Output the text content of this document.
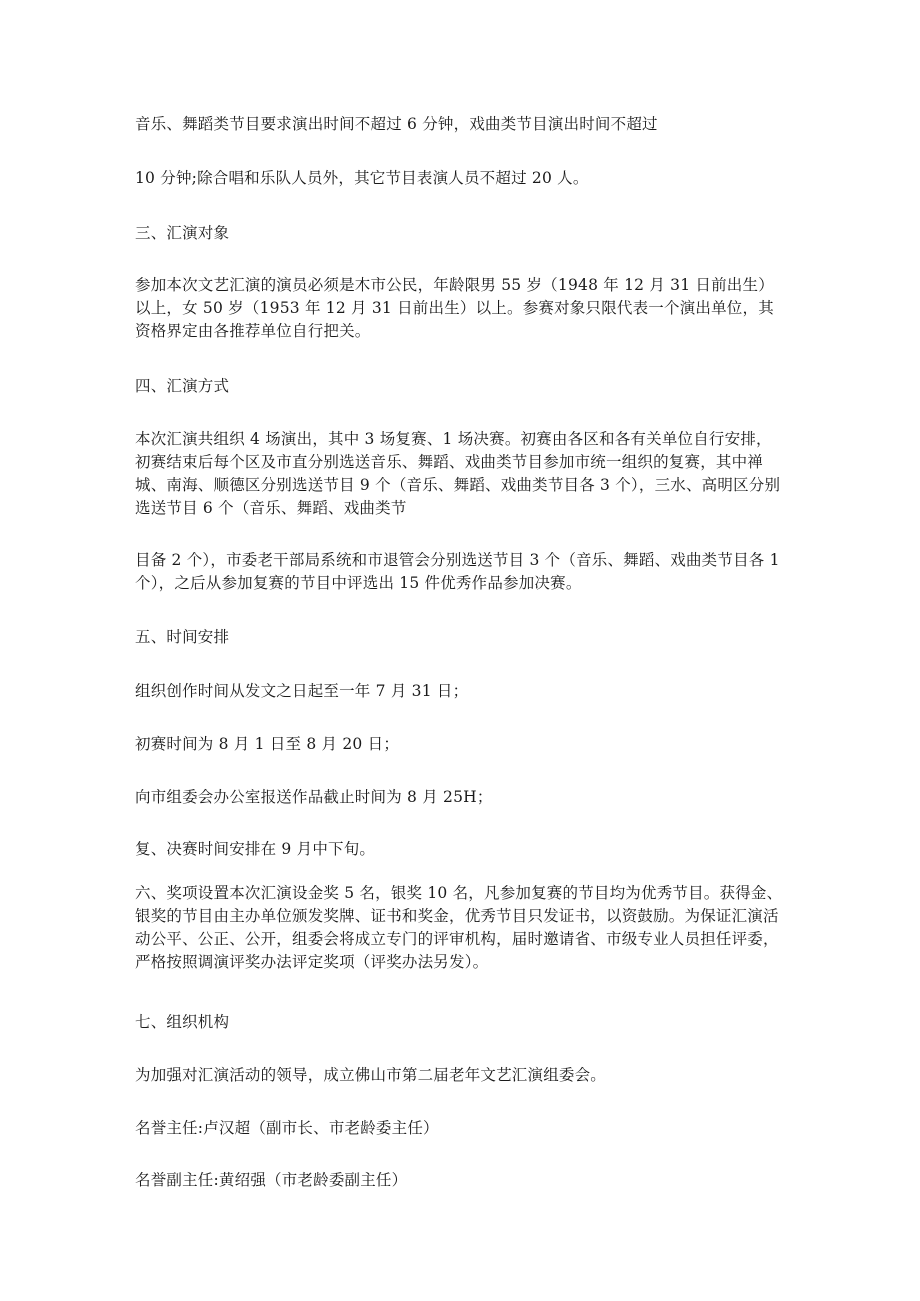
音乐、舞蹈类节目要求演出时间不超过 6 分钟，戏曲类节目演出时间不超过

10 分钟;除合唱和乐队人员外，其它节目表演人员不超过 20 人。

三、汇演对象

参加本次文艺汇演的演员必须是木市公民，年龄限男 55 岁（1948 年 12 月 31 日前出生）以上，女 50 岁（1953 年 12 月 31 日前出生）以上。参赛对象只限代表一个演出单位，其资格界定由各推荐单位自行把关。

四、汇演方式

本次汇演共组织 4 场演出，其中 3 场复赛、1 场决赛。初赛由各区和各有关单位自行安排，初赛结束后每个区及市直分别选送音乐、舞蹈、戏曲类节目参加市统一组织的复赛，其中禅城、南海、顺德区分别选送节目 9 个（音乐、舞蹈、戏曲类节目各 3 个），三水、高明区分别选送节目 6 个（音乐、舞蹈、戏曲类节

目备 2 个），市委老干部局系统和市退管会分别选送节目 3 个（音乐、舞蹈、戏曲类节目各 1 个），之后从参加复赛的节目中评选出 15 件优秀作品参加决赛。

五、时间安排

组织创作时间从发文之日起至一年 7 月 31 日；

初赛时间为 8 月 1 日至 8 月 20 日；

向市组委会办公室报送作品截止时间为 8 月 25H；

复、决赛时间安排在 9 月中下旬。

六、奖项设置本次汇演设金奖 5 名，银奖 10 名，凡参加复赛的节目均为优秀节目。获得金、银奖的节目由主办单位颁发奖牌、证书和奖金，优秀节目只发证书，以资鼓励。为保证汇演活动公平、公正、公开，组委会将成立专门的评审机构，届时邀请省、市级专业人员担任评委，严格按照调演评奖办法评定奖项（评奖办法另发）。

七、组织机构

为加强对汇演活动的领导，成立佛山市第二届老年文艺汇演组委会。

名誉主任:卢汉超（副市长、市老龄委主任）

名誉副主任:黄绍强（市老龄委副主任）
